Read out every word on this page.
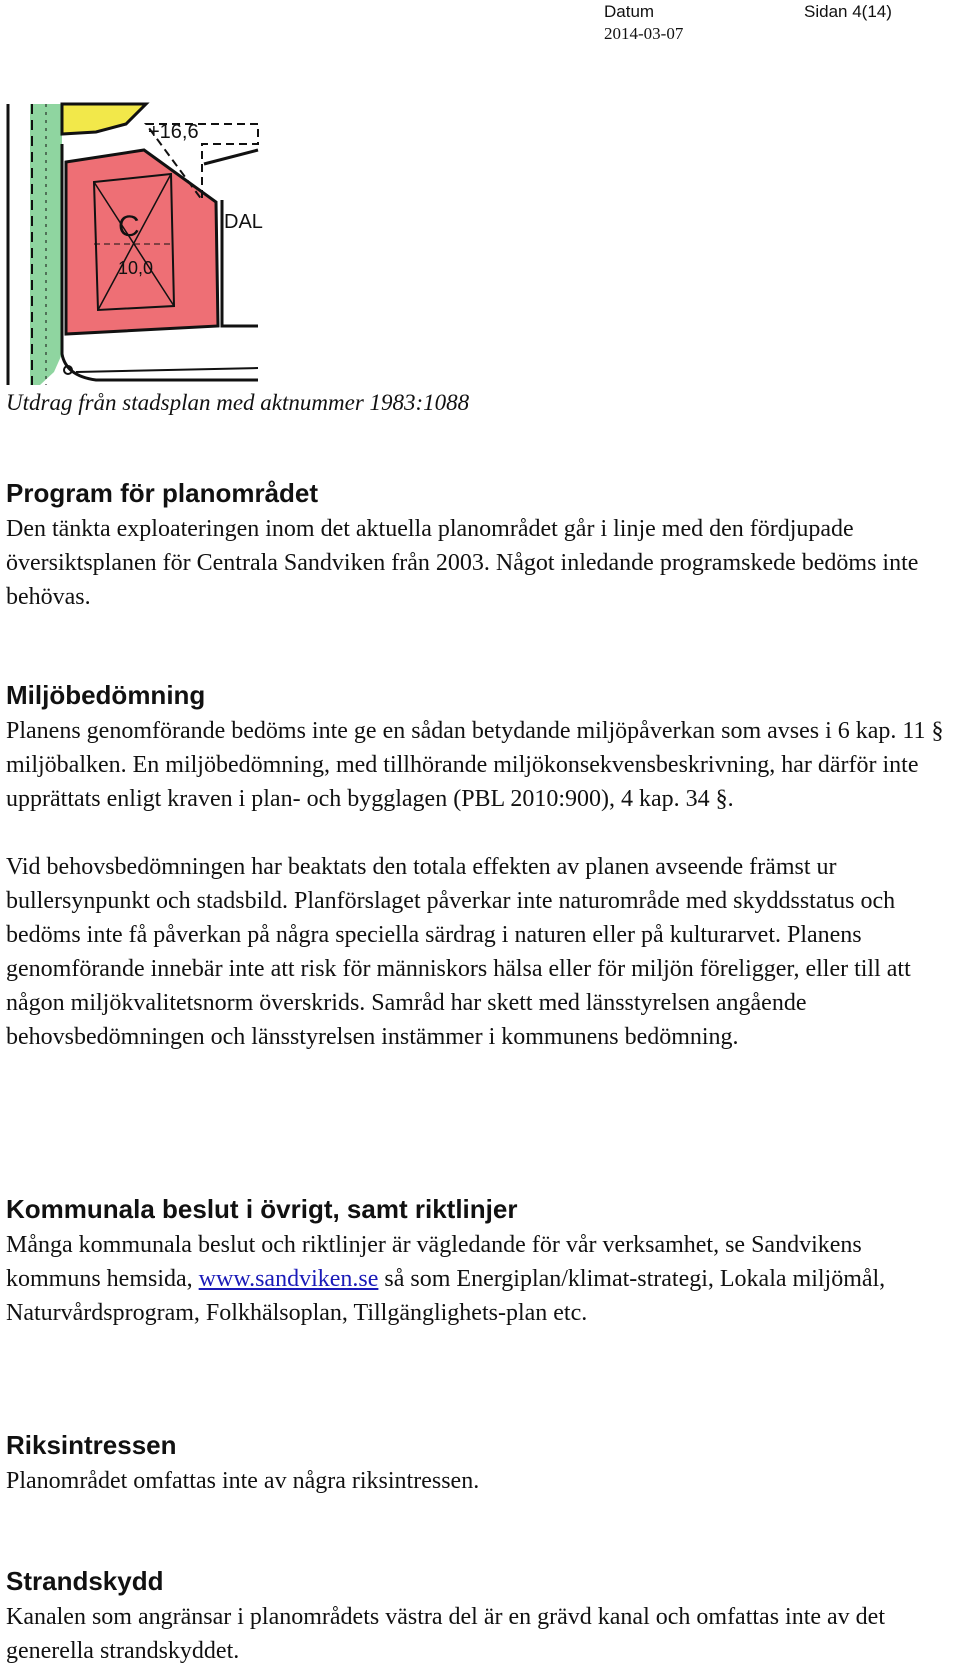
Datum
2014-03-07
Sidan 4(14)
+16,6
C
10,0
DAL
Utdrag från stadsplan med aktnummer 1983:1088
Program för planområdet

Den tänkta exploateringen inom det aktuella planområdet går i linje med den fördjupade översiktsplanen för Centrala Sandviken från 2003. Något inledande programskede bedöms inte behövas.

Miljöbedömning

Planens genomförande bedöms inte ge en sådan betydande miljöpåverkan som avses i 6 kap. 11 § miljöbalken. En miljöbedömning, med tillhörande miljökonsekvensbeskrivning, har därför inte upprättats enligt kraven i plan- och bygglagen (PBL 2010:900), 4 kap. 34 §.

Vid behovsbedömningen har beaktats den totala effekten av planen avseende främst ur bullersynpunkt och stadsbild. Planförslaget påverkar inte naturområde med skyddsstatus och bedöms inte få påverkan på några speciella särdrag i naturen eller på kulturarvet. Planens genomförande innebär inte att risk för människors hälsa eller för miljön föreligger, eller till att någon miljökvalitetsnorm överskrids. Samråd har skett med länsstyrelsen angående behovsbedömningen och länsstyrelsen instämmer i kommunens bedömning.

Kommunala beslut i övrigt, samt riktlinjer

Många kommunala beslut och riktlinjer är vägledande för vår verksamhet, se Sandvikens kommuns hemsida, www.sandviken.se så som Energiplan/klimat-strategi, Lokala miljömål, Naturvårdsprogram, Folkhälsoplan, Tillgänglighets-plan etc.

Riksintressen

Planområdet omfattas inte av några riksintressen.

Strandskydd

Kanalen som angränsar i planområdets västra del är en grävd kanal och omfattas inte av det generella strandskyddet.
